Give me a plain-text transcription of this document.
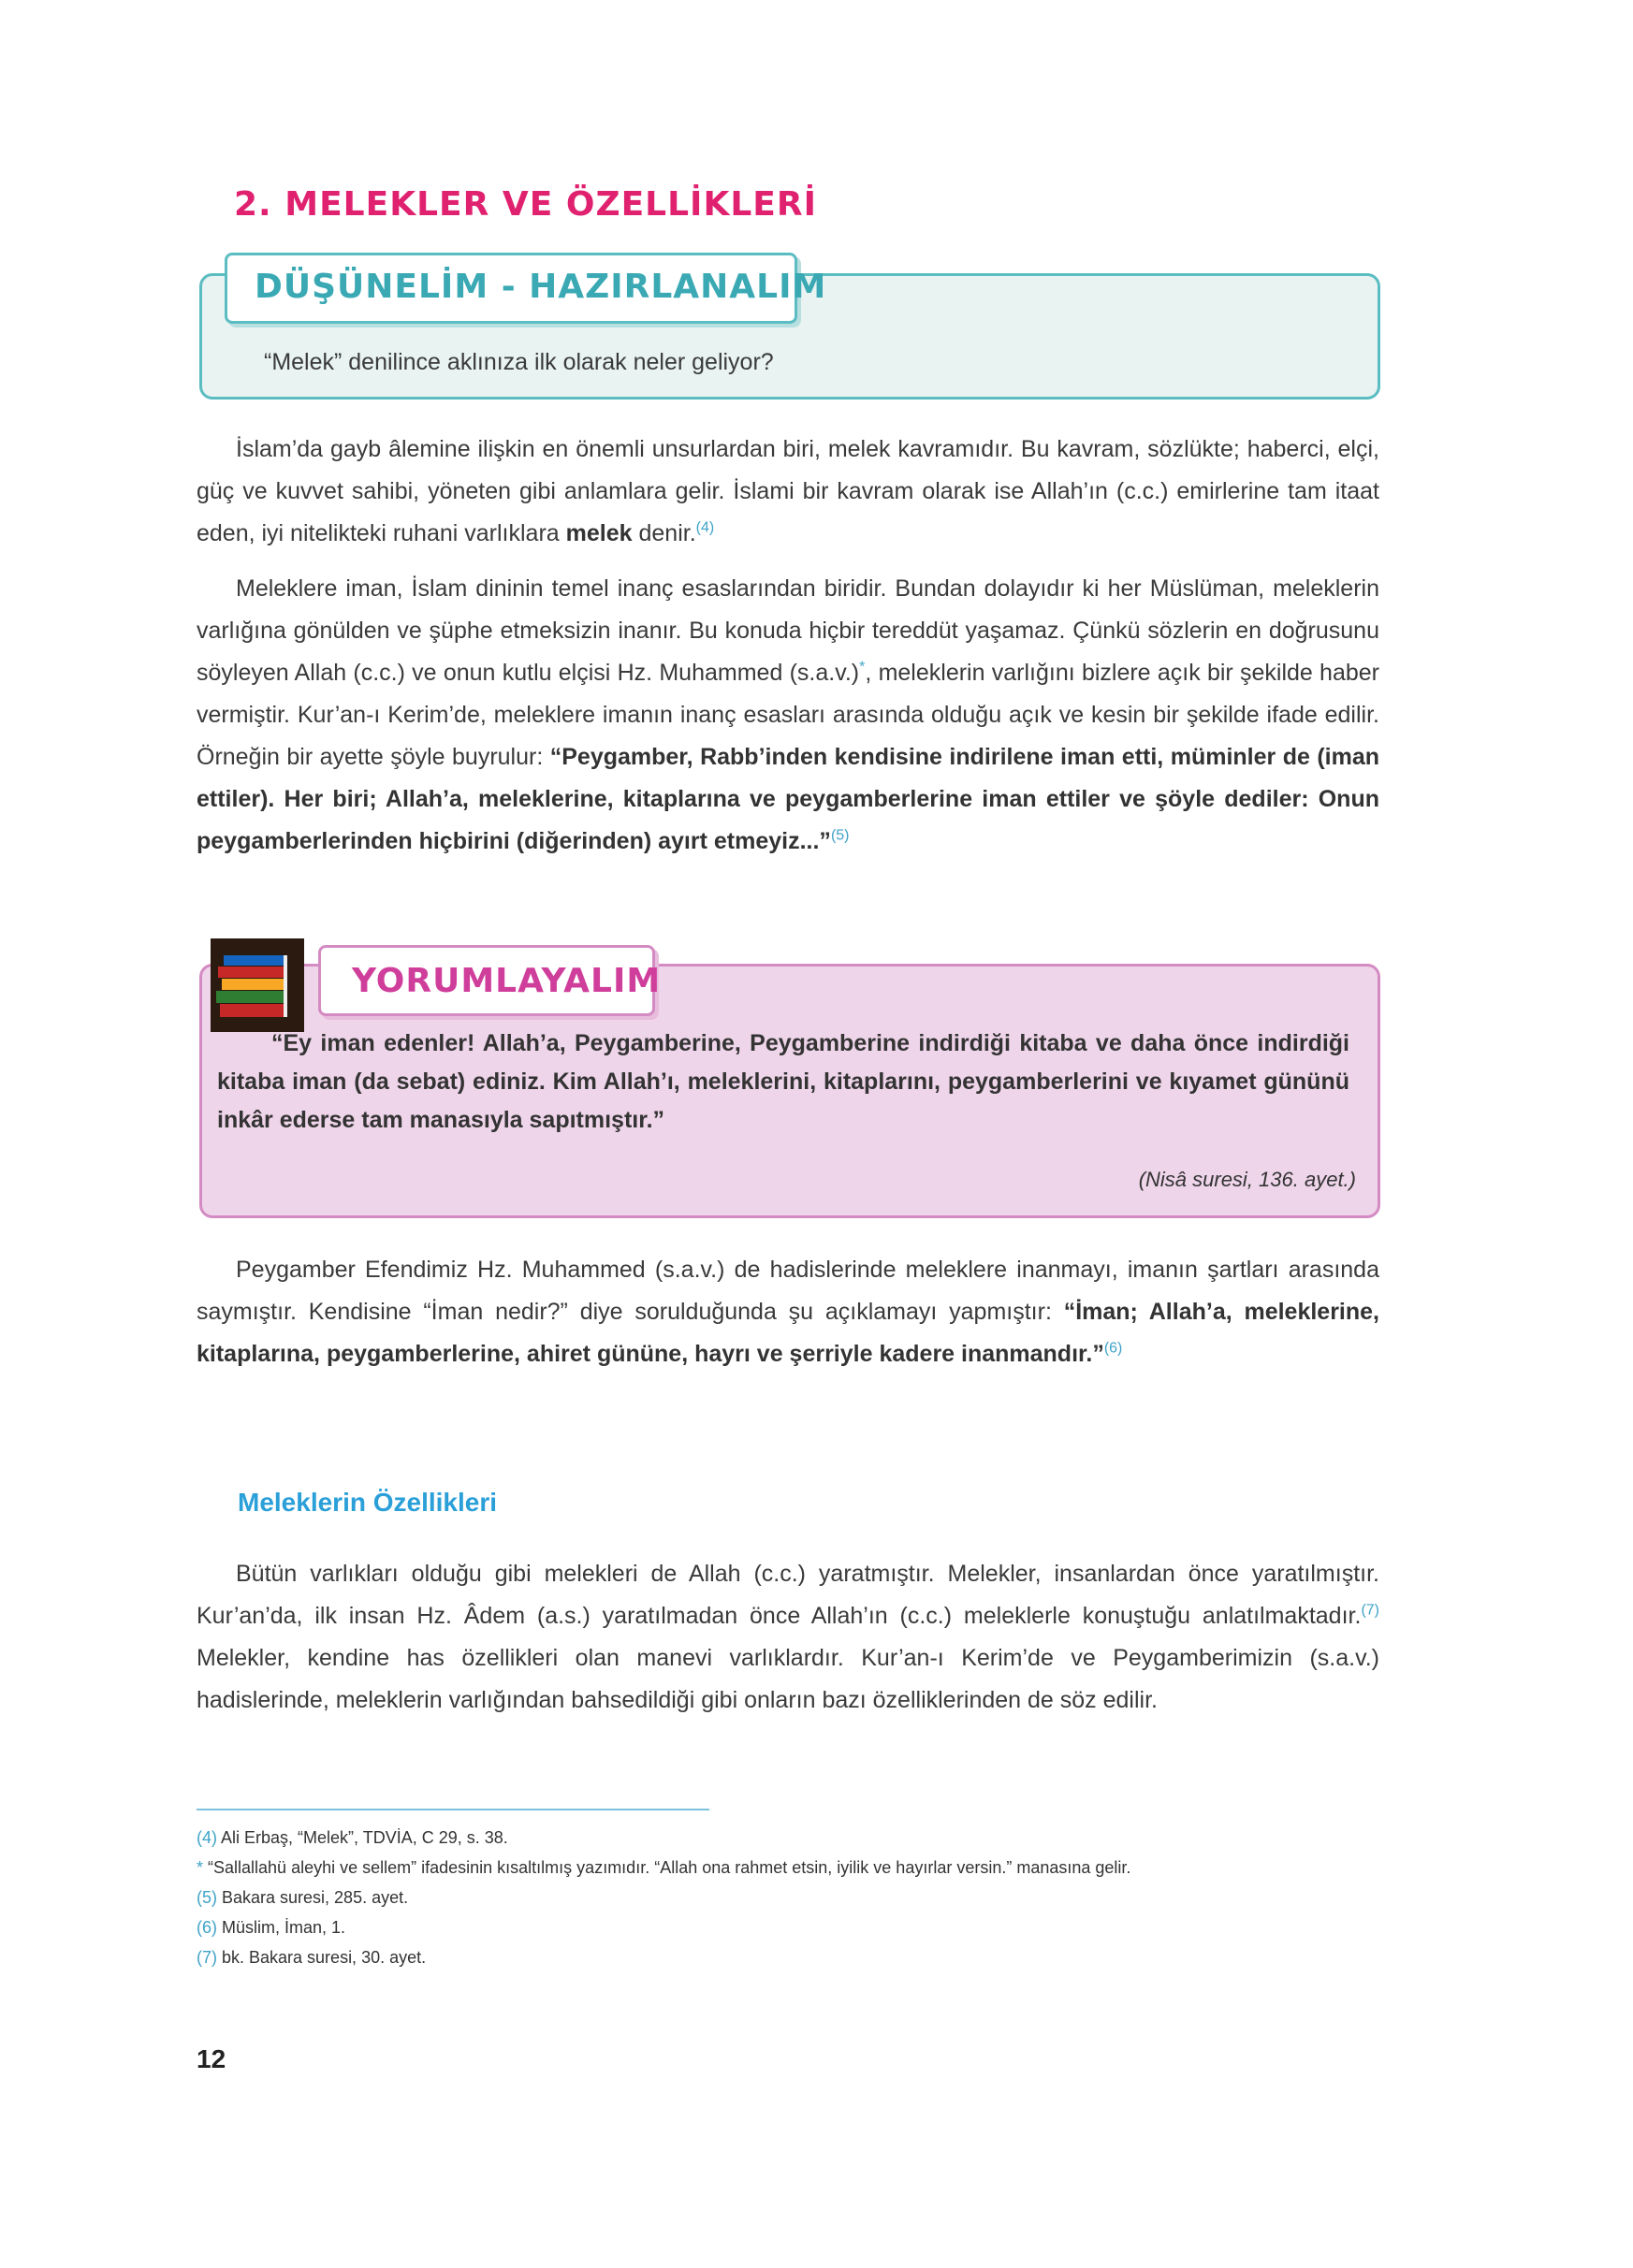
2. MELEKLER VE ÖZELLİKLERİ
DÜŞÜNELİM - HAZIRLANALIM
“Melek” denilince aklınıza ilk olarak neler geliyor?

İslam’da gayb âlemine ilişkin en önemli unsurlardan biri, melek kavramıdır. Bu kavram, sözlükte; haberci, elçi, güç ve kuvvet sahibi, yöneten gibi anlamlara gelir. İslami bir kavram olarak ise Allah’ın (c.c.) emirlerine tam itaat eden, iyi nitelikteki ruhani varlıklara melek denir.$^{(4)}$

Meleklere iman, İslam dininin temel inanç esaslarından biridir. Bundan dolayıdır ki her Müslüman, meleklerin varlığına gönülden ve şüphe etmeksizin inanır. Bu konuda hiçbir tereddüt yaşamaz. Çünkü sözlerin en doğrusunu söyleyen Allah (c.c.) ve onun kutlu elçisi Hz. Muhammed (s.a.v.)*, meleklerin varlığını bizlere açık bir şekilde haber vermiştir. Kur’an-ı Kerim’de, meleklere imanın inanç esasları arasında olduğu açık ve kesin bir şekilde ifade edilir. Örneğin bir ayette şöyle buyrulur: “Peygamber, Rabb’inden kendisine indirilene iman etti, müminler de (iman ettiler). Her biri; Allah’a, meleklerine, kitaplarına ve peygamberlerine iman ettiler ve şöyle dediler: Onun peygamberlerinden hiçbirini (diğerinden) ayırt etmeyiz...”$^{(5)}$

YORUMLAYALIM

“Ey iman edenler! Allah’a, Peygamberine, Peygamberine indirdiği kitaba ve daha önce indirdiği kitaba iman (da sebat) ediniz. Kim Allah’ı, meleklerini, kitaplarını, peygamberlerini ve kıyamet gününü inkâr ederse tam manasıyla sapıtmıştır.”

(Nisâ suresi, 136. ayet.)

Peygamber Efendimiz Hz. Muhammed (s.a.v.) de hadislerinde meleklere inanmayı, imanın şartları arasında saymıştır. Kendisine “İman nedir?” diye sorulduğunda şu açıklamayı yapmıştır: “İman; Allah’a, meleklerine, kitaplarına, peygamberlerine, ahiret gününe, hayrı ve şerriyle kadere inanmandır.”$^{(6)}$

Meleklerin Özellikleri

Bütün varlıkları olduğu gibi melekleri de Allah (c.c.) yaratmıştır. Melekler, insanlardan önce yaratılmıştır. Kur’an’da, ilk insan Hz. Âdem (a.s.) yaratılmadan önce Allah’ın (c.c.) meleklerle konuştuğu anlatılmaktadır.$^{(7)}$ Melekler, kendine has özellikleri olan manevi varlıklardır. Kur’an-ı Kerim’de ve Peygamberimizin (s.a.v.) hadislerinde, meleklerin varlığından bahsedildiği gibi onların bazı özelliklerinden de söz edilir.

(4) Ali Erbaş, “Melek”, TDVİA, C 29, s. 38.
* “Sallallahü aleyhi ve sellem” ifadesinin kısaltılmış yazımıdır. “Allah ona rahmet etsin, iyilik ve hayırlar versin.” manasına gelir.
(5) Bakara suresi, 285. ayet.
(6) Müslim, İman, 1.
(7) bk. Bakara suresi, 30. ayet.
12
